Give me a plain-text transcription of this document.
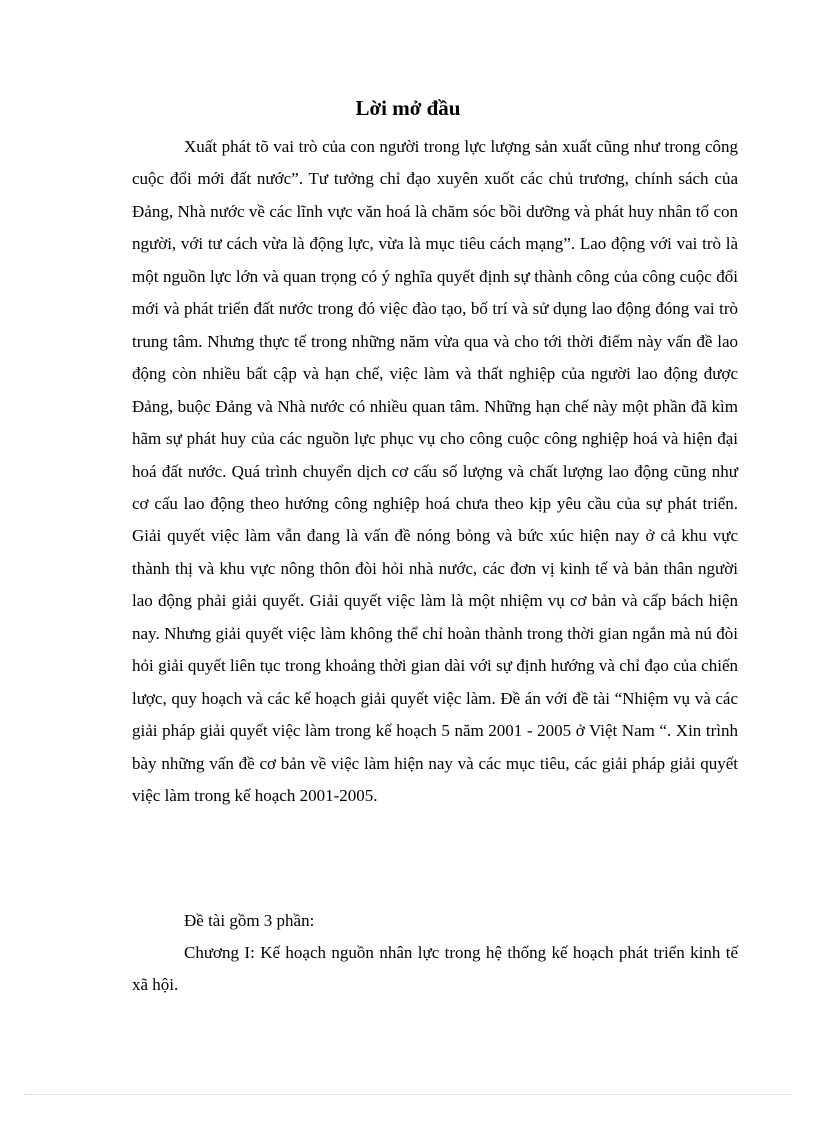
Lời mở đầu

Xuất phát tõ vai trò của con người trong lực lượng sản xuất cũng như trong công cuộc đổi mới đất nước”. Tư tưởng chỉ đạo xuyên xuốt các chủ trương, chính sách của Đảng, Nhà nước về các lĩnh vực văn hoá là chăm sóc bồi dưỡng và phát huy nhân tố con người, với tư cách vừa là động lực, vừa là mục tiêu cách mạng”. Lao động với vai trò là một nguồn lực lớn và quan trọng có ý nghĩa quyết định sự thành công của công cuộc đổi mới và phát triển đất nước trong đó việc đào tạo, bố trí và sử dụng lao động đóng vai trò trung tâm. Nhưng thực tế trong những năm vừa qua và cho tới thời điểm này vấn đề lao động còn nhiều bất cập và hạn chế, việc làm và thất nghiệp của người lao động được Đảng, buộc Đảng và Nhà nước có nhiều quan tâm. Những hạn chế này một phần đã kìm hãm sự phát huy của các nguồn lực phục vụ cho công cuộc công nghiệp hoá và hiện đại hoá đất nước. Quá trình chuyển dịch cơ cấu số lượng và chất lượng lao động cũng như cơ cấu lao động theo hướng công nghiệp hoá chưa theo kịp yêu cầu của sự phát triển. Giải quyết việc làm vẫn đang là vấn đề nóng bỏng và bức xúc hiện nay ở cả khu vực thành thị và khu vực nông thôn đòi hỏi nhà nước, các đơn vị kinh tế và bản thân người lao động phải giải quyết. Giải quyết việc làm là một nhiệm vụ cơ bản và cấp bách hiện nay. Nhưng giải quyết việc làm không thể chỉ hoàn thành trong thời gian ngắn mà nú đòi hỏi giải quyết liên tục trong khoảng thời gian dài với sự định hướng và chỉ đạo của chiến lược, quy hoạch và các kế hoạch giải quyết việc làm. Đề án với đề tài “Nhiệm vụ và các giải pháp giải quyết việc làm trong kế hoạch 5 năm 2001 - 2005 ở Việt Nam “. Xin trình bày những vấn đề cơ bản về việc làm hiện nay và các mục tiêu, các giải pháp giải quyết việc làm trong kế hoạch 2001-2005.

Đề tài gồm 3 phần:

Chương I: Kế hoạch nguồn nhân lực trong hệ thống kế hoạch phát triển kinh tế xã hội.
